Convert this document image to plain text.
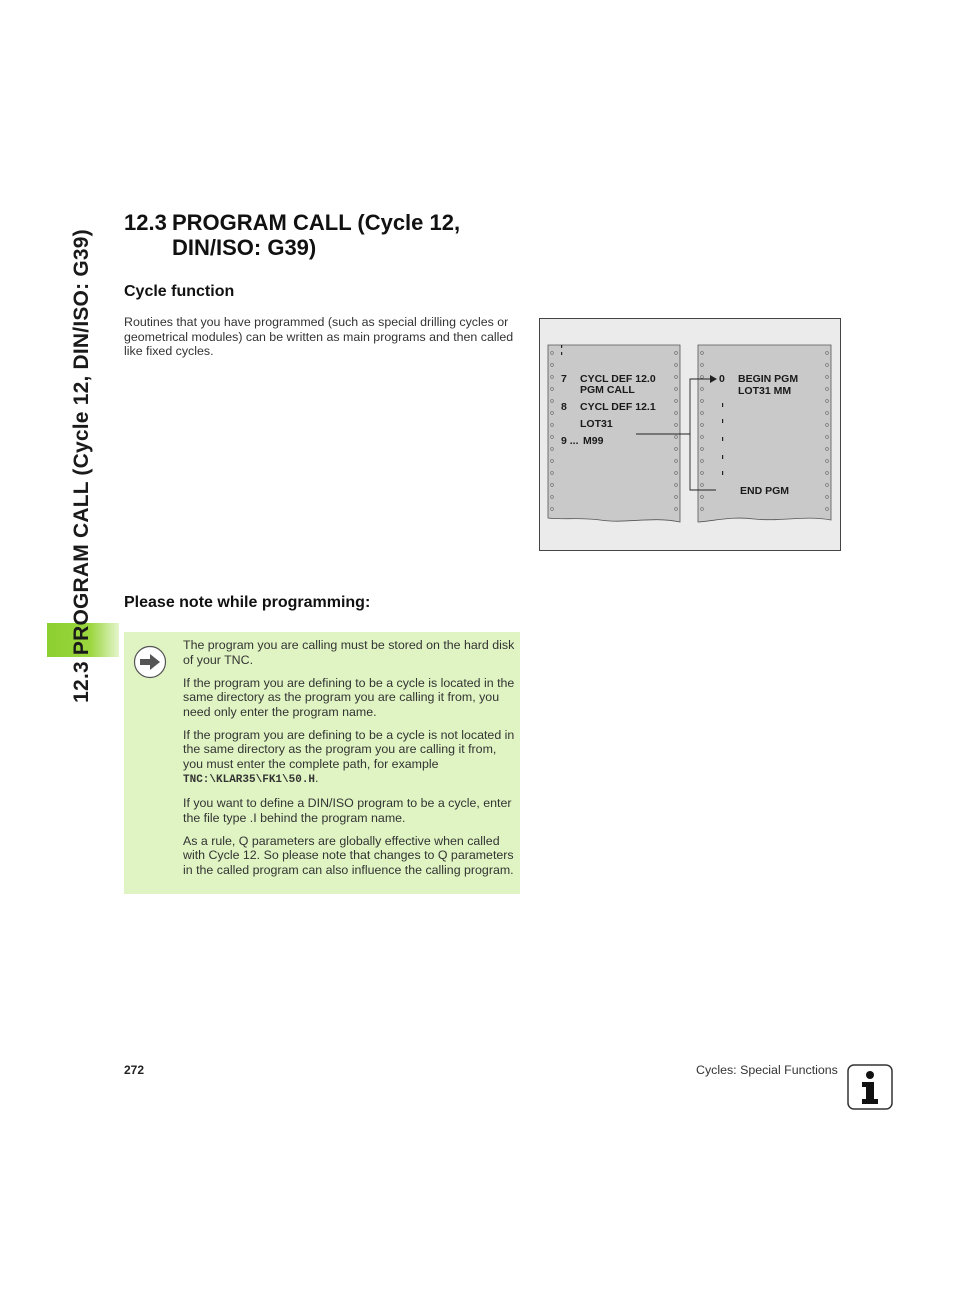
12.3 PROGRAM CALL (Cycle 12, DIN/ISO: G39)
12.3 PROGRAM CALL (Cycle 12, DIN/ISO: G39)
Cycle function
Routines that you have programmed (such as special drilling cycles or geometrical modules) can be written as main programs and then called like fixed cycles.
7 CYCL DEF 12.0
PGM CALL
8 CYCL DEF 12.1
LOT31
9 ... M99
0 BEGIN PGM
LOT31 MM
END PGM
Please note while programming:

The program you are calling must be stored on the hard disk of your TNC.

If the program you are defining to be a cycle is located in the same directory as the program you are calling it from, you need only enter the program name.

If the program you are defining to be a cycle is not located in the same directory as the program you are calling it from, you must enter the complete path, for example TNC:\KLAR35\FK1\50.H.

If you want to define a DIN/ISO program to be a cycle, enter the file type .I behind the program name.

As a rule, Q parameters are globally effective when called with Cycle 12. So please note that changes to Q parameters in the called program can also influence the calling program.

272	Cycles: Special Functions
